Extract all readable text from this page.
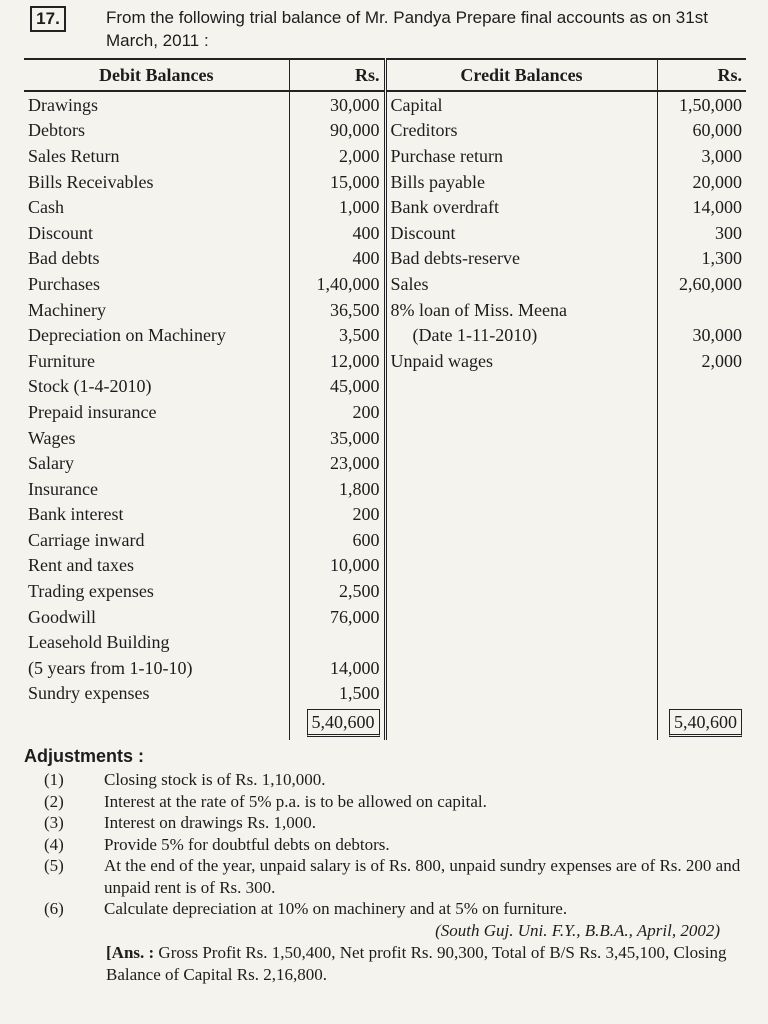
17.	From the following trial balance of Mr. Pandya Prepare final accounts as on 31st March, 2011 :
Debit Balances	Rs.	Credit Balances	Rs.
Drawings	30,000	Capital	1,50,000
Debtors	90,000	Creditors	60,000
Sales Return	2,000	Purchase return	3,000
Bills Receivables	15,000	Bills payable	20,000
Cash	1,000	Bank overdraft	14,000
Discount	400	Discount	300
Bad debts	400	Bad debts-reserve	1,300
Purchases	1,40,000	Sales	2,60,000
Machinery	36,500	8% loan of Miss. Meena	
Depreciation on Machinery	3,500	(Date 1-11-2010)	30,000
Furniture	12,000	Unpaid wages	2,000
Stock (1-4-2010)	45,000		
Prepaid insurance	200		
Wages	35,000		
Salary	23,000		
Insurance	1,800		
Bank interest	200		
Carriage inward	600		
Rent and taxes	10,000		
Trading expenses	2,500		
Goodwill	76,000		
Leasehold Building			
(5 years from 1-10-10)	14,000		
Sundry expenses	1,500		
	5,40,600		5,40,600
Adjustments :
(1)	Closing stock is of Rs. 1,10,000.
(2)	Interest at the rate of 5% p.a. is to be allowed on capital.
(3)	Interest on drawings Rs. 1,000.
(4)	Provide 5% for doubtful debts on debtors.
(5)	At the end of the year, unpaid salary is of Rs. 800, unpaid sundry expenses are of Rs. 200 and unpaid rent is of Rs. 300.
(6)	Calculate depreciation at 10% on machinery and at 5% on furniture.
(South Guj. Uni. F.Y., B.B.A., April, 2002)
[Ans. : Gross Profit Rs. 1,50,400, Net profit Rs. 90,300, Total of B/S Rs. 3,45,100, Closing Balance of Capital Rs. 2,16,800.
